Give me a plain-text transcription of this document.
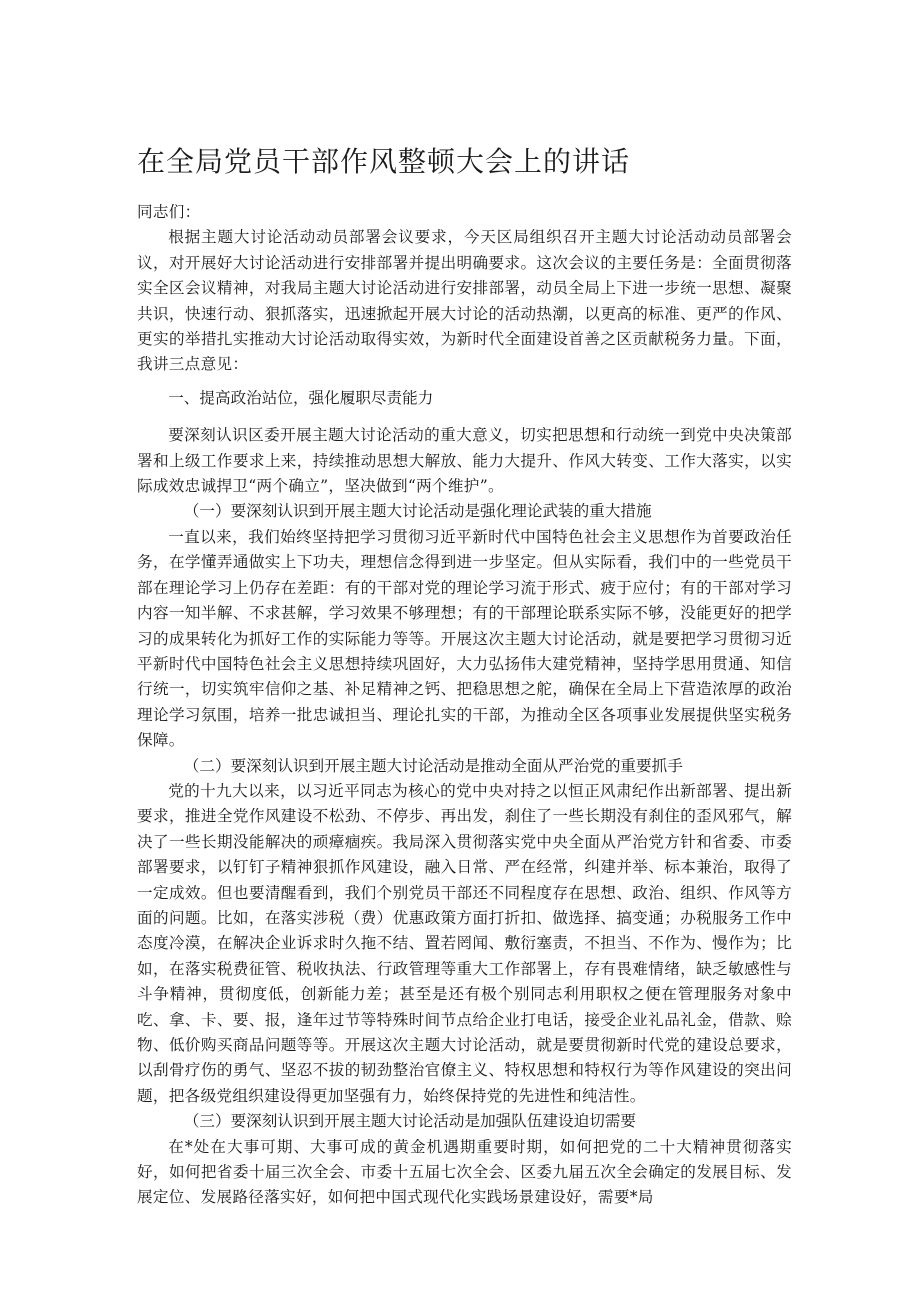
在全局党员干部作风整顿大会上的讲话

同志们：

根据主题大讨论活动动员部署会议要求，今天区局组织召开主题大讨论活动动员部署会议，对开展好大讨论活动进行安排部署并提出明确要求。这次会议的主要任务是：全面贯彻落实全区会议精神，对我局主题大讨论活动进行安排部署，动员全局上下进一步统一思想、凝聚共识，快速行动、狠抓落实，迅速掀起开展大讨论的活动热潮，以更高的标准、更严的作风、更实的举措扎实推动大讨论活动取得实效，为新时代全面建设首善之区贡献税务力量。下面，我讲三点意见：

一、提高政治站位，强化履职尽责能力

要深刻认识区委开展主题大讨论活动的重大意义，切实把思想和行动统一到党中央决策部署和上级工作要求上来，持续推动思想大解放、能力大提升、作风大转变、工作大落实，以实际成效忠诚捍卫“两个确立”，坚决做到“两个维护”。

（一）要深刻认识到开展主题大讨论活动是强化理论武装的重大措施

一直以来，我们始终坚持把学习贯彻习近平新时代中国特色社会主义思想作为首要政治任务，在学懂弄通做实上下功夫，理想信念得到进一步坚定。但从实际看，我们中的一些党员干部在理论学习上仍存在差距：有的干部对党的理论学习流于形式、疲于应付；有的干部对学习内容一知半解、不求甚解，学习效果不够理想；有的干部理论联系实际不够，没能更好的把学习的成果转化为抓好工作的实际能力等等。开展这次主题大讨论活动，就是要把学习贯彻习近平新时代中国特色社会主义思想持续巩固好，大力弘扬伟大建党精神，坚持学思用贯通、知信行统一，切实筑牢信仰之基、补足精神之钙、把稳思想之舵，确保在全局上下营造浓厚的政治理论学习氛围，培养一批忠诚担当、理论扎实的干部，为推动全区各项事业发展提供坚实税务保障。

（二）要深刻认识到开展主题大讨论活动是推动全面从严治党的重要抓手

党的十九大以来，以习近平同志为核心的党中央对持之以恒正风肃纪作出新部署、提出新要求，推进全党作风建设不松劲、不停步、再出发，刹住了一些长期没有刹住的歪风邪气，解决了一些长期没能解决的顽瘴痼疾。我局深入贯彻落实党中央全面从严治党方针和省委、市委部署要求，以钉钉子精神狠抓作风建设，融入日常、严在经常，纠建并举、标本兼治，取得了一定成效。但也要清醒看到，我们个别党员干部还不同程度存在思想、政治、组织、作风等方面的问题。比如，在落实涉税（费）优惠政策方面打折扣、做选择、搞变通；办税服务工作中态度冷漠，在解决企业诉求时久拖不结、置若罔闻、敷衍塞责，不担当、不作为、慢作为；比如，在落实税费征管、税收执法、行政管理等重大工作部署上，存有畏难情绪，缺乏敏感性与斗争精神，贯彻度低，创新能力差；甚至是还有极个别同志利用职权之便在管理服务对象中吃、拿、卡、要、报，逢年过节等特殊时间节点给企业打电话，接受企业礼品礼金，借款、赊物、低价购买商品问题等等。开展这次主题大讨论活动，就是要贯彻新时代党的建设总要求，以刮骨疗伤的勇气、坚忍不拔的韧劲整治官僚主义、特权思想和特权行为等作风建设的突出问题，把各级党组织建设得更加坚强有力，始终保持党的先进性和纯洁性。

（三）要深刻认识到开展主题大讨论活动是加强队伍建设迫切需要

在*处在大事可期、大事可成的黄金机遇期重要时期，如何把党的二十大精神贯彻落实好，如何把省委十届三次全会、市委十五届七次全会、区委九届五次全会确定的发展目标、发展定位、发展路径落实好，如何把中国式现代化实践场景建设好，需要*局
